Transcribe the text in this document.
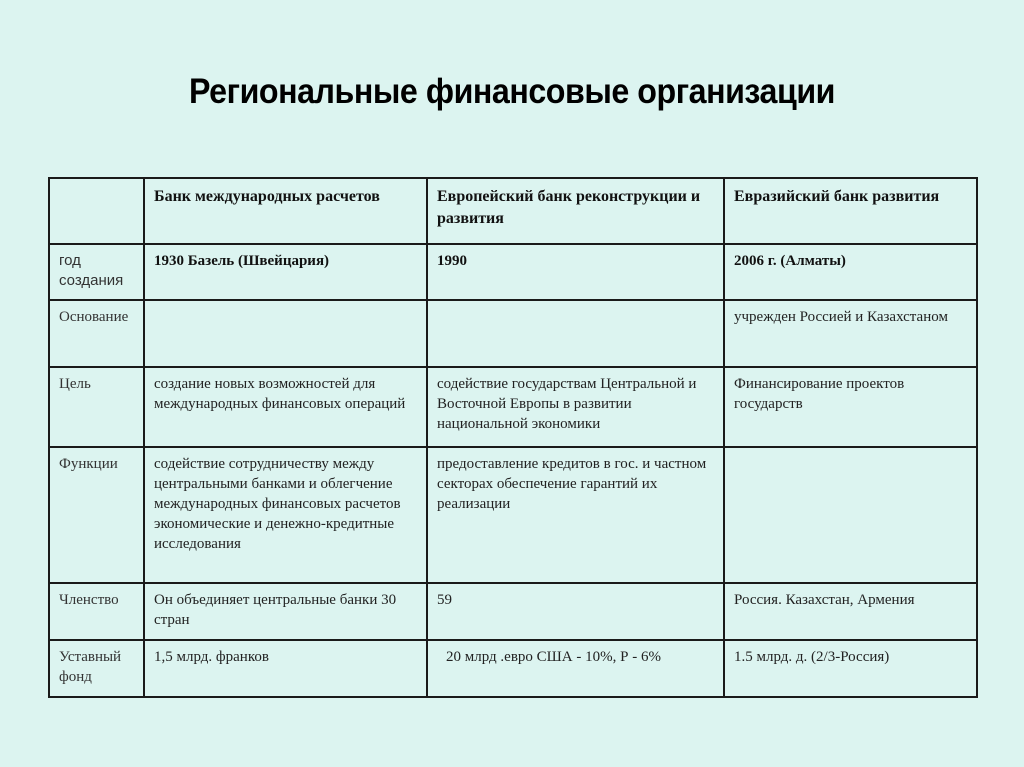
Региональные финансовые организации
	Банк международных расчетов	Европейский банк реконструкции и развития	Евразийский банк развития
год создания	1930 Базель (Швейцария)	1990	2006 г. (Алматы)
Основание			учрежден Россией и Казахстаном
Цель	создание новых возможностей для международных финансовых операций	содействие государствам Центральной и Восточной Европы в развитии национальной экономики	Финансирование проектов государств
Функции	содействие сотрудничеству между центральными банками и облегчение международных финансовых расчетов экономические и денежно-кредитные исследования	предоставление кредитов в гос. и частном секторах обеспечение гарантий их реализации	
Членство	Он объединяет центральные банки 30 стран	59	Россия. Казахстан, Армения
Уставный фонд	1,5 млрд. франков	20 млрд .евро США - 10%, Р - 6%	1.5 млрд. д. (2/3-Россия)
